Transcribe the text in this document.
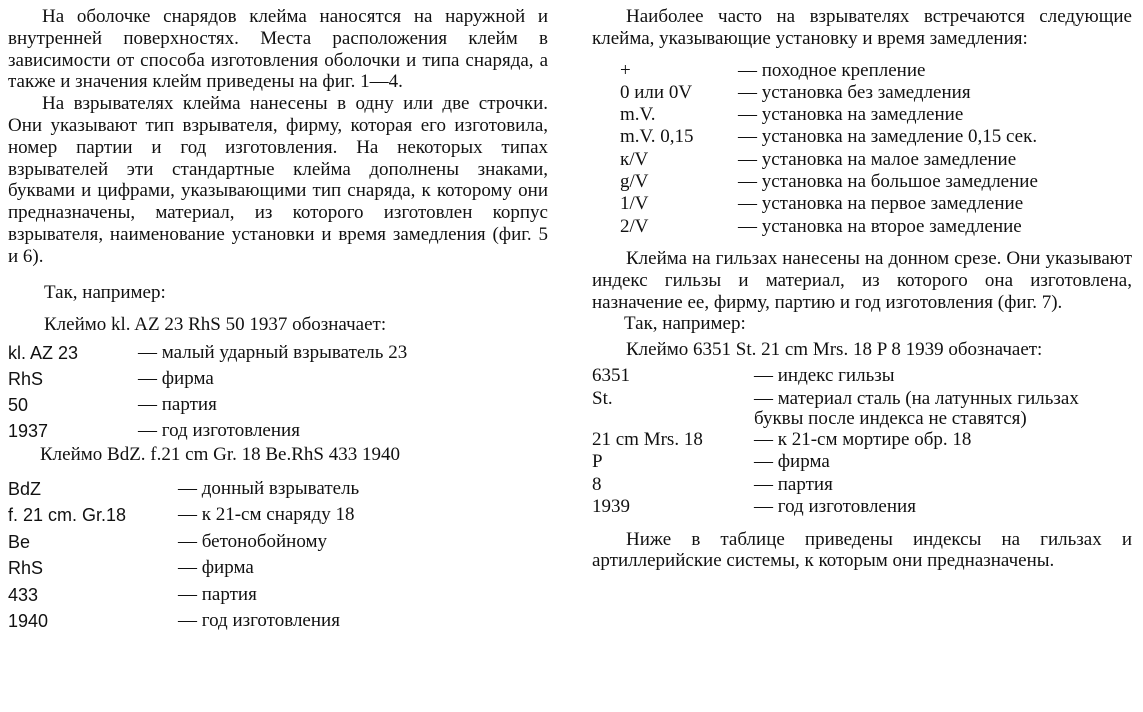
На оболочке снарядов клейма наносятся на наружной и внутренней поверхностях. Места расположения клейм в зависимости от способа изготовления оболочки и типа снаряда, а также и значения клейм приведены на фиг. 1—4.

На взрывателях клейма нанесены в одну или две строчки. Они указывают тип взрывателя, фирму, которая его изготовила, номер партии и год изготовления. На некоторых типах взрывателей эти стандартные клейма дополнены знаками, буквами и цифрами, указывающими тип снаряда, к которому они предназначены, материал, из которого изготовлен корпус взрывателя, наименование установки и время замедления (фиг. 5 и 6).

Так, например:
Клеймо kl. AZ 23 RhS 50 1937 обозначает:
kl. AZ 23	— малый ударный взрыватель 23
RhS	— фирма
50	— партия
1937	— год изготовления
Клеймо BdZ. f.21 cm Gr. 18 Be.RhS 433 1940
BdZ	— донный взрыватель
f. 21 cm. Gr.18	— к 21-см снаряду 18
Be	— бетонобойному
RhS	— фирма
433	— партия
1940	— год изготовления

Наиболее часто на взрывателях встречаются следующие клейма, указывающие установку и время замедления:

+	— походное крепление
0 или 0V	— установка без замедления
m.V.	— установка на замедление
m.V. 0,15	— установка на замедление 0,15 сек.
к/V	— установка на малое замедление
g/V	— установка на большое замедление
1/V	— установка на первое замедление
2/V	— установка на второе замедление

Клейма на гильзах нанесены на донном срезе. Они указывают индекс гильзы и материал, из которого она изготовлена, назначение ее, фирму, партию и год изготовления (фиг. 7).

Так, например:

Клеймо 6351 St. 21 cm Mrs. 18 P 8 1939 обозначает:

6351	— индекс гильзы
St.	— материал сталь (на латунных гильзах буквы после индекса не ставятся)
21 cm Mrs. 18	— к 21-см мортире обр. 18
P	— фирма
8	— партия
1939	— год изготовления

Ниже в таблице приведены индексы на гильзах и артиллерийские системы, к которым они предназначены.
